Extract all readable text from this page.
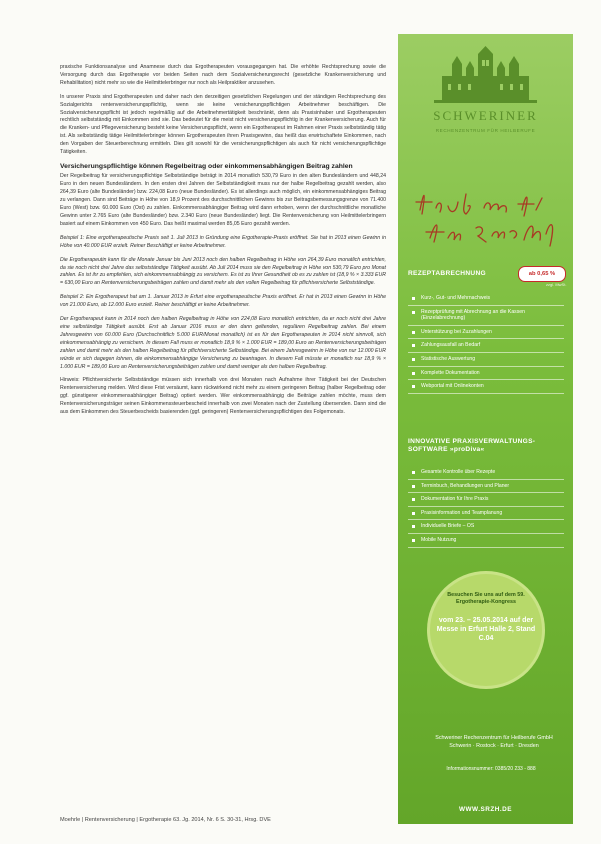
praxische Funktionsanalyse und Anamnese durch das Ergotherapeuten vorausgegangen hat. Die erhöhte Rechtsprechung sowie die Versorgung durch das Ergotherapie vor beiden Seiten nach dem Sozialversicherungsrecht (gesetzliche Krankenversicherung und Rehabilitation) nicht mehr so wie die Heilmittelerbringer nur noch als Heilpraktiker anzusehen.

In unserer Praxis sind Ergotherapeuten und daher nach den derzeitigen gesetzlichen Regelungen und der ständigen Rechtsprechung des Sozialgerichts rentenversicherungspflichtig, wenn sie keine versicherungspflichtigen Arbeitnehmer beschäftigen. Die Sozialversicherungspflicht ist jedoch regelmäßig auf die Arbeitnehmertätigkeit beschränkt, denn als Praxisinhaber und Ergotherapeuten rechtlich selbstständig mit Einkommen sind sie. Das bedeutet für die meist nicht versicherungspflichtig in der Krankenversicherung. Auch für die Kranken- und Pflegeversicherung besteht keine Versicherungspflicht, wenn ein Ergotherapeut im Rahmen einer Praxis selbstständig tätig ist. Als selbstständig tätige Heilmittelerbringer können Ergotherapeuten ihren Praxisgewinn, das heißt das erwirtschaftete Einkommen, nach den Vorgaben der Steuerberechnung ermitteln. Dies gilt sowohl für die versicherungspflichtigen als auch für nicht versicherungspflichtige Tätigkeiten.

Versicherungspflichtige können Regelbeitrag oder einkommensabhängigen Beitrag zahlen

Der Regelbeitrag für versicherungspflichtige Selbstständige beträgt in 2014 monatlich 530,79 Euro in den alten Bundesländern und 448,24 Euro in den neuen Bundesländern. In den ersten drei Jahren der Selbstständigkeit muss nur der halbe Regelbeitrag gezahlt werden, also 264,39 Euro (alte Bundesländer) bzw. 224,08 Euro (neue Bundesländer). Es ist allerdings auch möglich, ein einkommensabhängiges Beitrag zu verlangen. Dann sind Beiträge in Höhe von 18,9 Prozent des durchschnittlichen Gewinns bis zur Beitragsbemessungsgrenze von 71.400 Euro (West) bzw. 60.000 Euro (Ost) zu zahlen. Einkommensabhängiger Beitrag wird dann erhoben, wenn der durchschnittliche monatliche Gewinn unter 2.765 Euro (alte Bundesländer) bzw. 2.340 Euro (neue Bundesländer) liegt. Die Rentenversicherung von Heilmittelerbringern basiert auf einem Einkommen von 450 Euro. Das heißt maximal werden 85,05 Euro gezahlt werden.

Beispiel 1: Eine ergotherapeutische Praxis seit 1. Juli 2013 in Gründung eine Ergotherapie-Praxis eröffnet. Sie hat in 2013 einen Gewinn in Höhe von 40.000 EUR erzielt. Reiner Beschäftigt er keine Arbeitnehmer.

Die Ergotherapeutin kann für die Monate Januar bis Juni 2013 noch den halben Regelbeitrag in Höhe von 264,39 Euro monatlich entrichten, da sie noch nicht drei Jahre das selbstständige Tätigkeit ausübt. Ab Juli 2014 muss sie den Regelbeitrag in Höhe von 530,79 Euro pro Monat zahlen. Es ist ihr zu empfehlen, sich einkommensabhängig zu versichern. Es ist zu Ihrer Gesundheit ob es zu zahlen ist (18,9 % × 3.333 EUR = 630,00 Euro an Rentenversicherungsbeiträgen zahlen und damit mehr als den vollen Regelbeitrag für pflichtversicherte Selbstständige.

Beispiel 2: Ein Ergotherapeut hat am 1. Januar 2013 in Erfurt eine ergotherapeutische Praxis eröffnet. Er hat in 2013 einen Gewinn in Höhe von 21.000 Euro, ab 12.000 Euro erzielt. Reiner beschäftigt er keine Arbeitnehmer.

Der Ergotherapeut kann in 2014 noch den halben Regelbeitrag in Höhe von 224,08 Euro monatlich entrichten, da er noch nicht drei Jahre eine selbständige Tätigkeit ausübt. Erst ab Januar 2016 muss er den dann geltenden, regulären Regelbeitrag zahlen. Bei einem Jahresgewinn von 60.000 Euro (Durchschnittlich 5.000 EUR/Monat monatlich) ist es für den Ergotherapeuten in 2014 nicht sinnvoll, sich einkommensabhängig zu versichern. In diesem Fall muss er monatlich 18,9 % × 1.000 EUR = 189,00 Euro an Rentenversicherungsbeiträgen zahlen und damit mehr als den halben Regelbeitrag für pflichtversicherte Selbständige. Bei einem Jahresgewinn in Höhe von nur 12.000 EUR würde er sich dagegen lohnen, die einkommensabhängige Versicherung zu beantragen. In diesem Fall müsste er monatlich nur 18,9 % × 1.000 EUR = 189,00 Euro an Rentenversicherungsbeiträgen zahlen und damit weniger als den halben Regelbeitrag.

Hinweis: Pflichtversicherte Selbstständige müssen sich innerhalb von drei Monaten nach Aufnahme ihrer Tätigkeit bei der Deutschen Rentenversicherung melden. Wird diese Frist versäumt, kann rückwirkend nicht mehr zu einem geringeren Beitrag (halber Regelbeitrag oder ggf. günstigerer einkommensabhängiger Beitrag) optiert werden. Wer einkommensabhängig die Beiträge zahlen möchte, muss dem Rentenversicherungsträger seinen Einkommenssteuerbescheid innerhalb von zwei Monaten nach der Zustellung übersenden. Dann sind die aus dem Einkommen des Steuerbescheids basierenden (ggf. geringeren) Rentenversicherungspflichtigen des Folgemonats.

Moehrle | Rentenversicherung | Ergotherapie 63. Jg. 2014, Nr. 6 S. 30-31, Hrsg. DVE
SCHWERINER
RECHENZENTRUM FÜR HEILBERUFE
REZEPTABRECHNUNG	ab 0,65 %
zzgl. MwSt.
Kurz-, Gut- und Mehrnachweis
Rezeptprüfung mit Abrechnung an die Kassen (Einzelabrechnung)
Unterstützung bei Zuzahlungen
Zahlungsausfall an Bedarf
Statistische Auswertung
Komplette Dokumentation
Webportal mit Onlinekonten
INNOVATIVE PRAXISVERWALTUNGS-SOFTWARE »proDiva«
Gesamte Kontrolle über Rezepte
Terminbuch, Behandlungen und Planer
Dokumentation für Ihre Praxis
Praxisinformation und Teamplanung
Individuelle Briefe – OS
Mobile Nutzung
Besuchen Sie uns auf dem 59. Ergotherapie-Kongress
vom 23. – 25.05.2014 auf der Messe in Erfurt Halle 2, Stand C.04
Schweriner Rechenzentrum für Heilberufe GmbH
Schwerin · Rostock · Erfurt · Dresden
Informationsnummer: 0385/20 233 - 888
WWW.SRZH.DE
